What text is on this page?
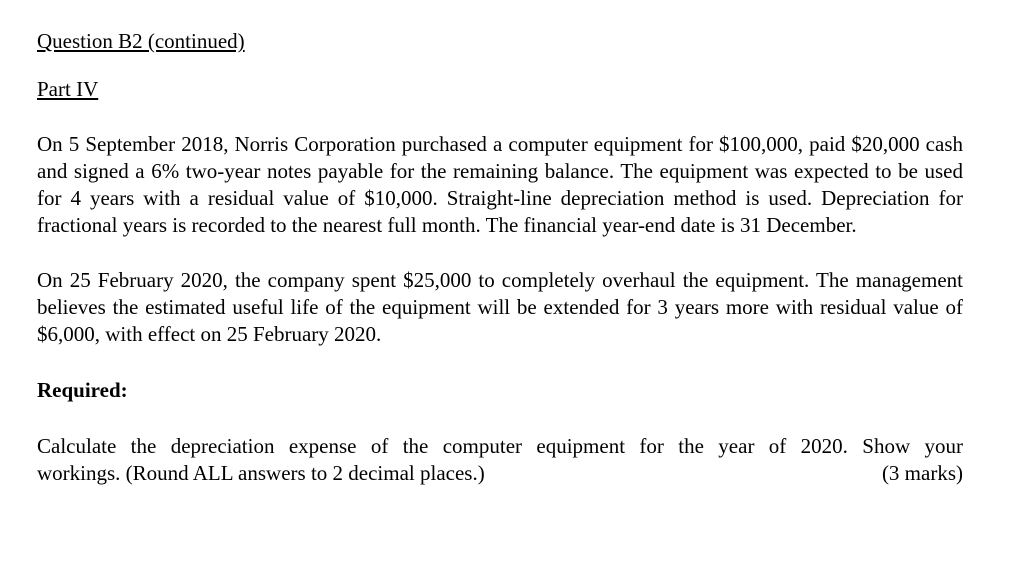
Question B2 (continued)

Part IV

On 5 September 2018, Norris Corporation purchased a computer equipment for $100,000, paid $20,000 cash and signed a 6% two-year notes payable for the remaining balance. The equipment was expected to be used for 4 years with a residual value of $10,000. Straight-line depreciation method is used. Depreciation for fractional years is recorded to the nearest full month. The financial year-end date is 31 December.

On 25 February 2020, the company spent $25,000 to completely overhaul the equipment. The management believes the estimated useful life of the equipment will be extended for 3 years more with residual value of $6,000, with effect on 25 February 2020.

Required:

Calculate the depreciation expense of the computer equipment for the year of 2020. Show your

workings. (Round ALL answers to 2 decimal places.)	(3 marks)
